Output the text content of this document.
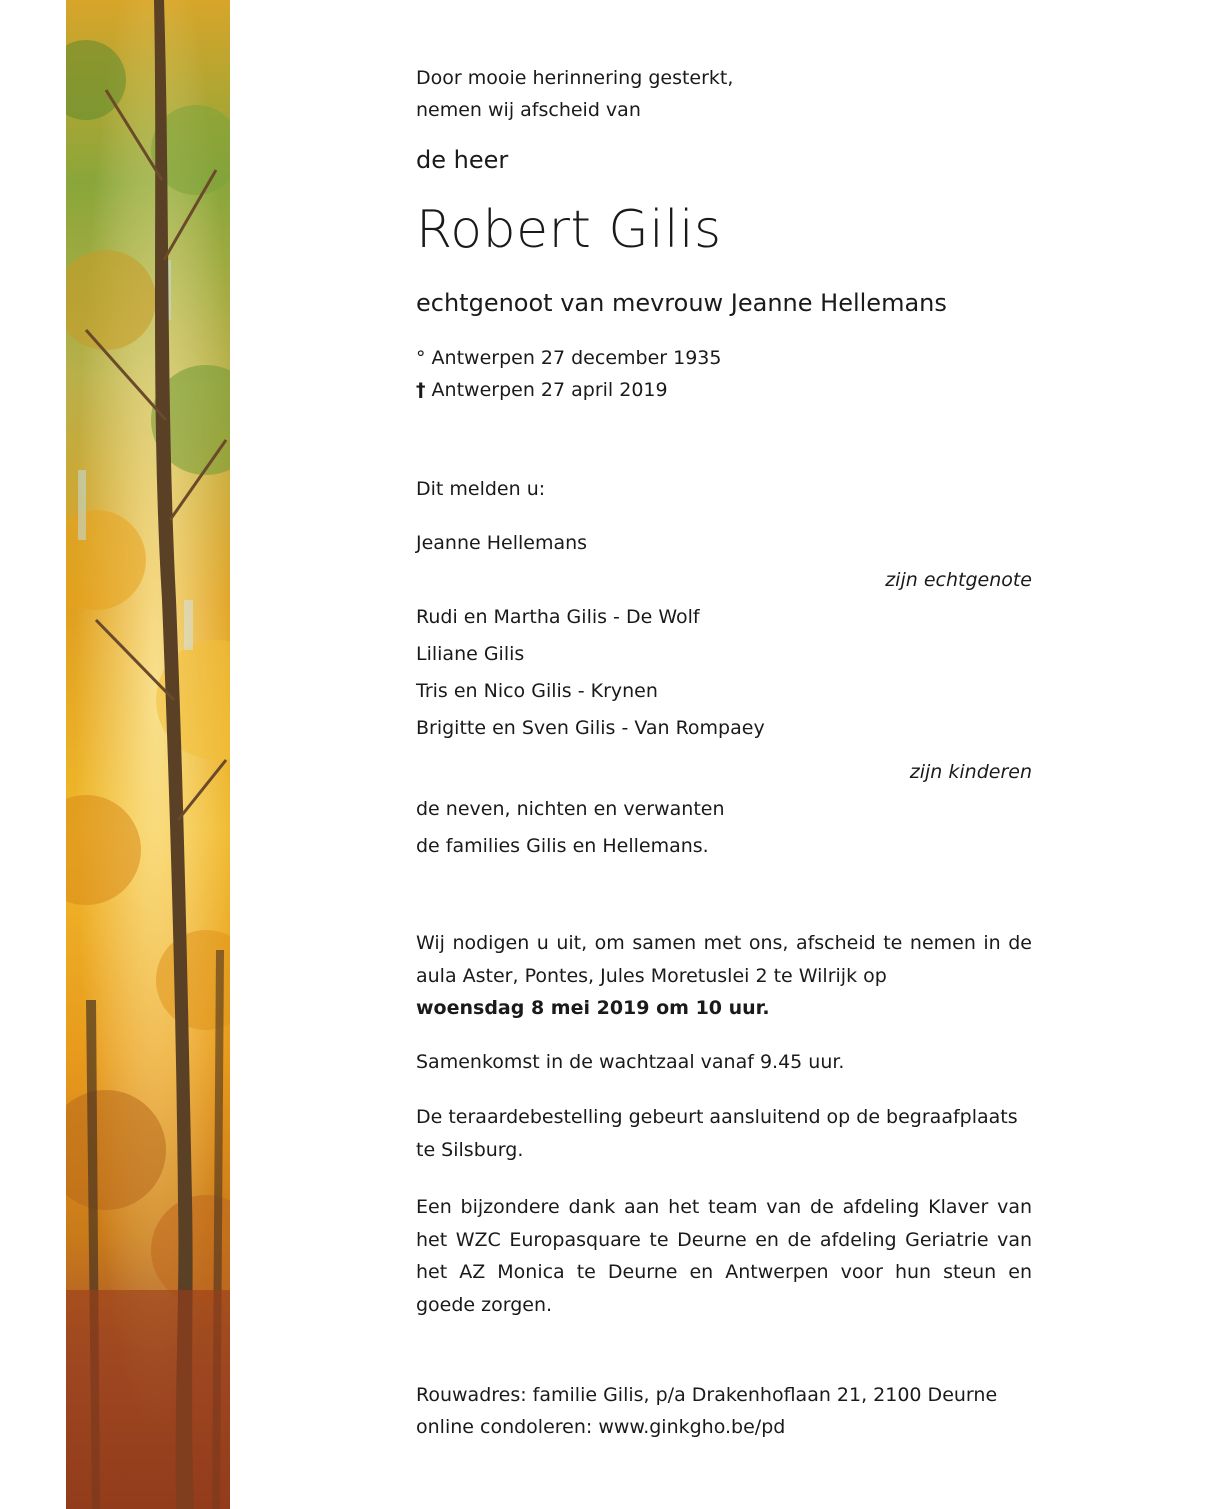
Door mooie herinnering gesterkt,

nemen wij afscheid van

de heer

Robert Gilis

echtgenoot van mevrouw Jeanne Hellemans

° Antwerpen 27 december 1935

† Antwerpen 27 april 2019

Dit melden u:

Jeanne Hellemans

zijn echtgenote

Rudi en Martha Gilis - De Wolf

Liliane Gilis

Tris en Nico Gilis - Krynen

Brigitte en Sven Gilis - Van Rompaey

zijn kinderen

de neven, nichten en verwanten

de families Gilis en Hellemans.

Wij nodigen u uit, om samen met ons, afscheid te nemen in de aula Aster, Pontes, Jules Moretuslei 2 te Wilrijk op
woensdag 8 mei 2019 om 10 uur.

Samenkomst in de wachtzaal vanaf 9.45 uur.

De teraardebestelling gebeurt aansluitend op de begraafplaats

te Silsburg.

Een bijzondere dank aan het team van de afdeling Klaver van het WZC Europasquare te Deurne en de afdeling Geriatrie van het AZ Monica te Deurne en Antwerpen voor hun steun en goede zorgen.

Rouwadres: familie Gilis, p/a Drakenhoflaan 21, 2100 Deurne

online condoleren: www.ginkgho.be/pd
